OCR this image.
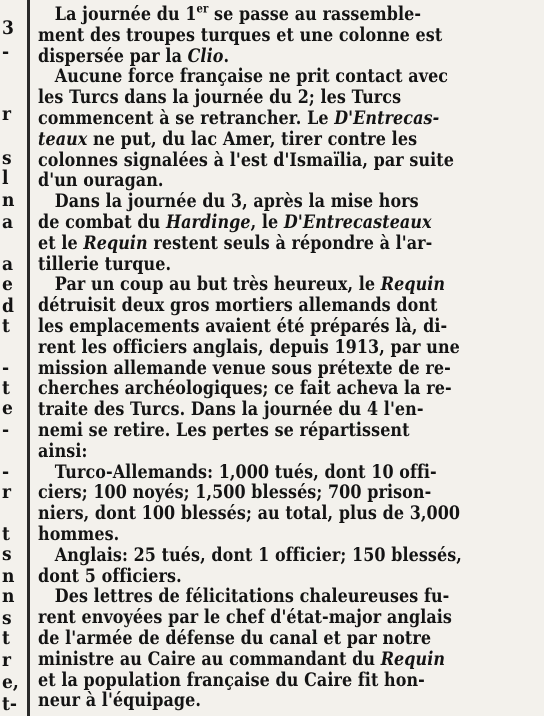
3
-
r
s
l
n
a
a
e
d
t
-
t
e
-
-
r
t
s
n
n
s
t
r
e,
t-

La journée du 1er se passe au rassemble-
ment des troupes turques et une colonne est
dispersée par la Clio.

Aucune force française ne prit contact avec
les Turcs dans la journée du 2; les Turcs
commencent à se retrancher. Le D'Entrecas-
teaux ne put, du lac Amer, tirer contre les
colonnes signalées à l'est d'Ismaïlia, par suite
d'un ouragan.

Dans la journée du 3, après la mise hors
de combat du Hardinge, le D'Entrecasteaux
et le Requin restent seuls à répondre à l'ar-
tillerie turque.

Par un coup au but très heureux, le Requin
détruisit deux gros mortiers allemands dont
les emplacements avaient été préparés là, di-
rent les officiers anglais, depuis 1913, par une
mission allemande venue sous prétexte de re-
cherches archéologiques; ce fait acheva la re-
traite des Turcs. Dans la journée du 4 l'en-
nemi se retire. Les pertes se répartissent
ainsi:

Turco-Allemands: 1,000 tués, dont 10 offi-
ciers; 100 noyés; 1,500 blessés; 700 prison-
niers, dont 100 blessés; au total, plus de 3,000
hommes.

Anglais: 25 tués, dont 1 officier; 150 blessés,
dont 5 officiers.

Des lettres de félicitations chaleureuses fu-
rent envoyées par le chef d'état-major anglais
de l'armée de défense du canal et par notre
ministre au Caire au commandant du Requin
et la population française du Caire fit hon-
neur à l'équipage.
